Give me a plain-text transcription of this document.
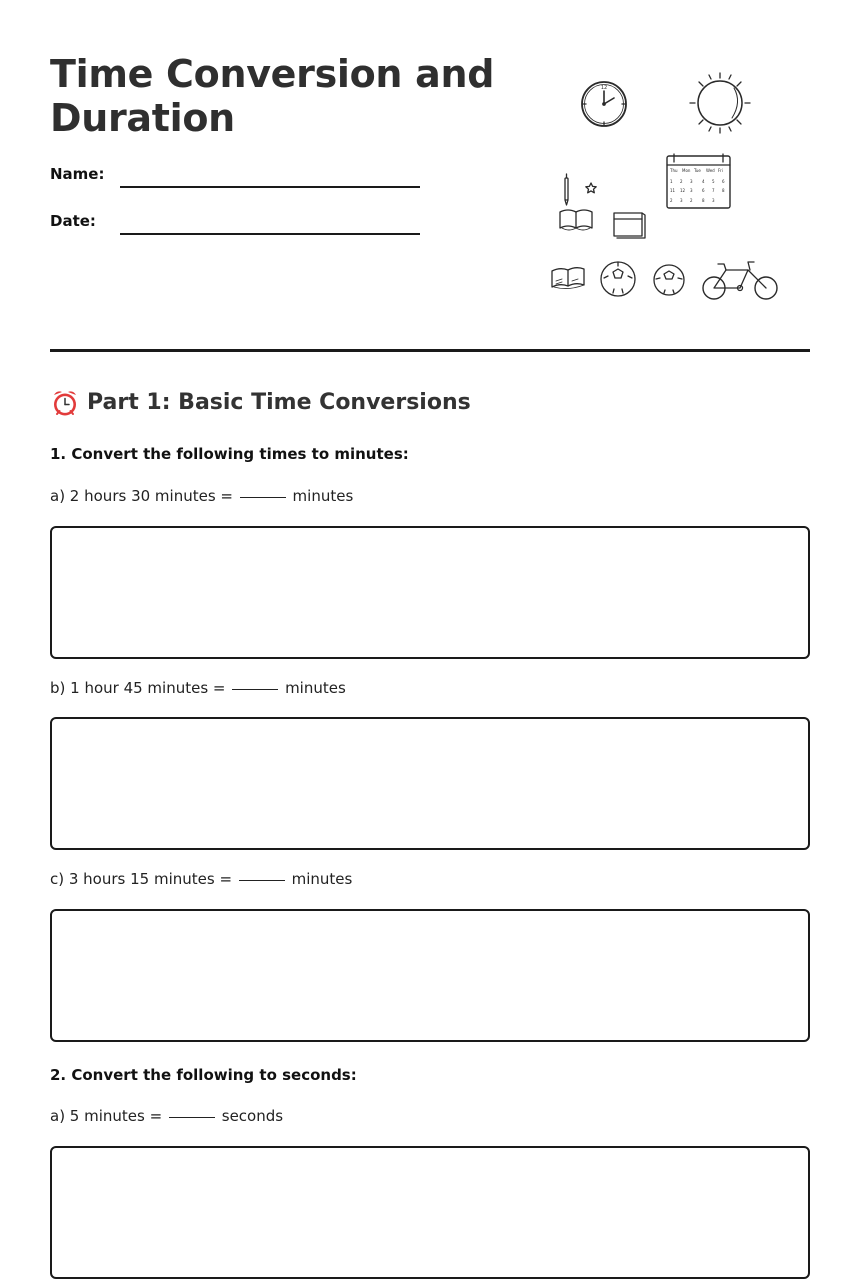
Time Conversion and Duration
Name:
Date:
12
Thu Mon Tue Wed Fri
1 2 3 4 5 6
11 12 3 6 7 8
2 3 2 8 3
Part 1: Basic Time Conversions

1. Convert the following times to minutes:

a) 2 hours 30 minutes =	minutes
b) 1 hour 45 minutes =	minutes
c) 3 hours 15 minutes =	minutes

2. Convert the following to seconds:

a) 5 minutes =	seconds
